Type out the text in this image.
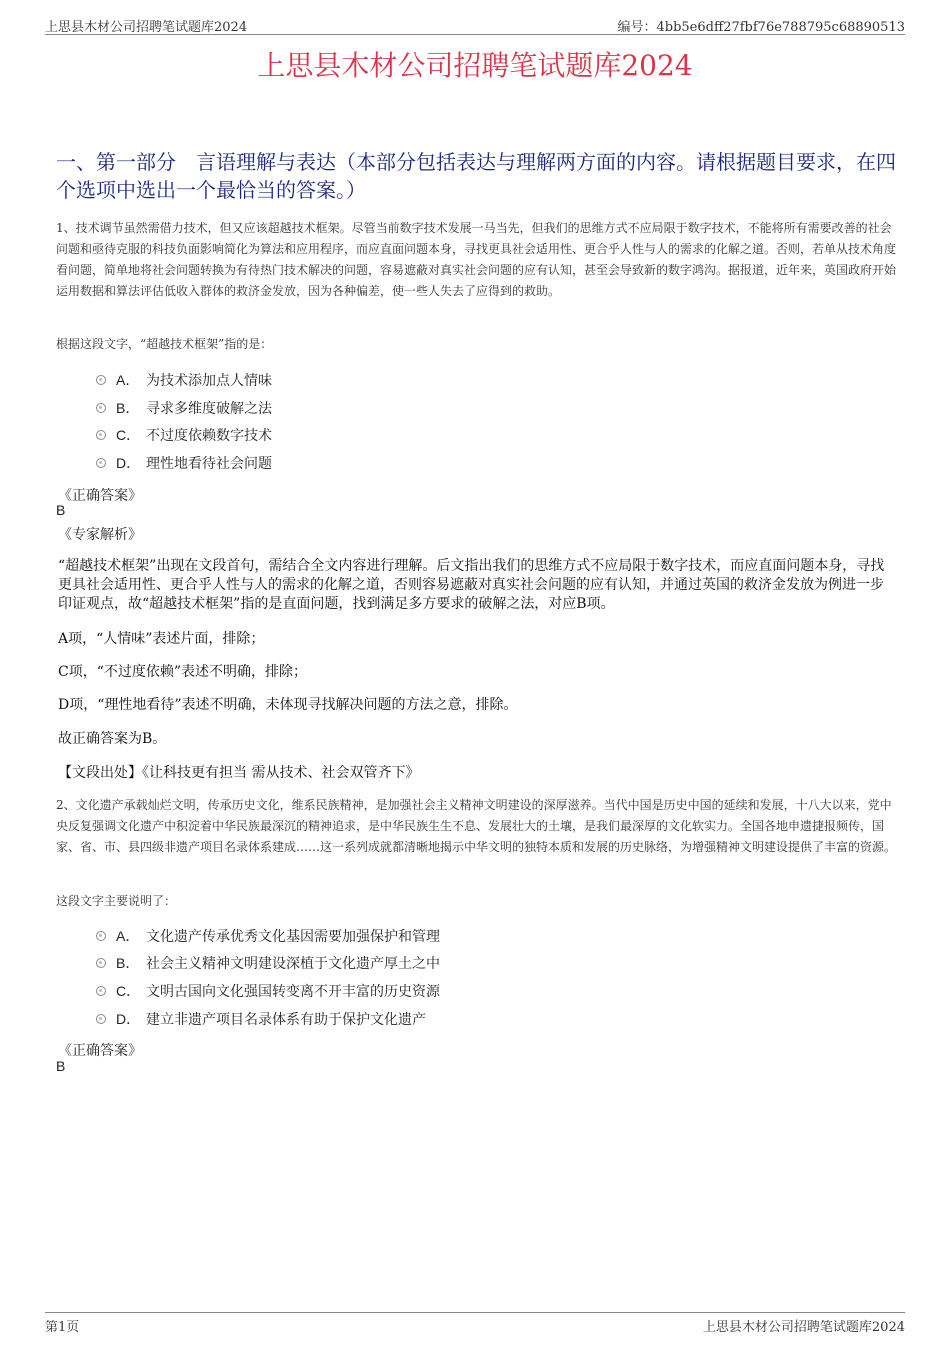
上思县木材公司招聘笔试题库2024	编号：4bb5e6dff27fbf76e788795c68890513
上思县木材公司招聘笔试题库2024
一、第一部分　言语理解与表达（本部分包括表达与理解两方面的内容。请根据题目要求，在四个选项中选出一个最恰当的答案。）
1、技术调节虽然需借力技术，但又应该超越技术框架。尽管当前数字技术发展一马当先，但我们的思维方式不应局限于数字技术，不能将所有需要改善的社会问题和亟待克服的科技负面影响简化为算法和应用程序，而应直面问题本身，寻找更具社会适用性、更合乎人性与人的需求的化解之道。否则，若单从技术角度看问题，简单地将社会问题转换为有待热门技术解决的问题，容易遮蔽对真实社会问题的应有认知，甚至会导致新的数字鸿沟。据报道，近年来，英国政府开始运用数据和算法评估低收入群体的救济金发放，因为各种偏差，使一些人失去了应得到的救助。
根据这段文字，“超越技术框架”指的是：
A． 为技术添加点人情味
B． 寻求多维度破解之法
C． 不过度依赖数字技术
D． 理性地看待社会问题
《正确答案》
B
《专家解析》
“超越技术框架”出现在文段首句，需结合全文内容进行理解。后文指出我们的思维方式不应局限于数字技术，而应直面问题本身，寻找更具社会适用性、更合乎人性与人的需求的化解之道，否则容易遮蔽对真实社会问题的应有认知，并通过英国的救济金发放为例进一步印证观点，故“超越技术框架”指的是直面问题，找到满足多方要求的破解之法，对应B项。
A项，“人情味”表述片面，排除；
C项，“不过度依赖”表述不明确，排除；
D项，“理性地看待”表述不明确，未体现寻找解决问题的方法之意，排除。
故正确答案为B。
【文段出处】《让科技更有担当 需从技术、社会双管齐下》
2、文化遗产承载灿烂文明，传承历史文化，维系民族精神，是加强社会主义精神文明建设的深厚滋养。当代中国是历史中国的延续和发展，十八大以来，党中央反复强调文化遗产中积淀着中华民族最深沉的精神追求，是中华民族生生不息、发展壮大的土壤，是我们最深厚的文化软实力。全国各地申遗捷报频传，国家、省、市、县四级非遗产项目名录体系建成……这一系列成就都清晰地揭示中华文明的独特本质和发展的历史脉络，为增强精神文明建设提供了丰富的资源。
这段文字主要说明了：
A． 文化遗产传承优秀文化基因需要加强保护和管理
B． 社会主义精神文明建设深植于文化遗产厚土之中
C． 文明古国向文化强国转变离不开丰富的历史资源
D． 建立非遗产项目名录体系有助于保护文化遗产
《正确答案》
B
第1页	上思县木材公司招聘笔试题库2024
